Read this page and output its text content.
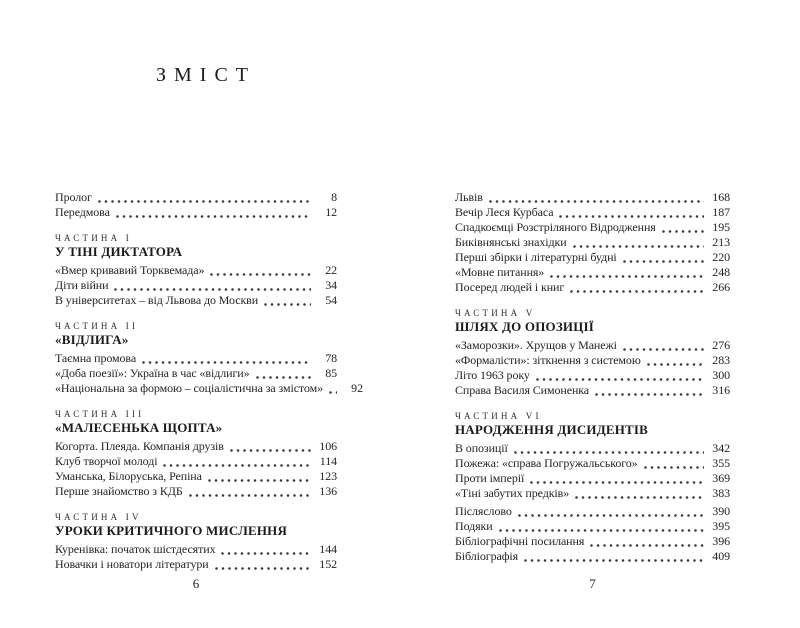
ЗМІСТ
Пролог	8
Передмова	12
ЧАСТИНА I
У ТІНІ ДИКТАТОРА
«Вмер кривавий Торквемада»	22
Діти війни	34
В університетах – від Львова до Москви	54
ЧАСТИНА II
«ВІДЛИГА»
Таємна промова	78
«Доба поезії»: Україна в час «відлиги»	85
«Національна за формою – соціалістична за змістом»	92
ЧАСТИНА III
«МАЛЕСЕНЬКА ЩОПТА»
Когорта. Плеяда. Компанія друзів	106
Клуб творчої молоді	114
Уманська, Білоруська, Репіна	123
Перше знайомство з КДБ	136
ЧАСТИНА IV
УРОКИ КРИТИЧНОГО МИСЛЕННЯ
Куренівка: початок шістдесятих	144
Новачки і новатори літератури	152
Львів	168
Вечір Леся Курбаса	187
Спадкоємці Розстріляного Відродження	195
Биківнянські знахідки	213
Перші збірки і літературні будні	220
«Мовне питання»	248
Посеред людей і книг	266
ЧАСТИНА V
ШЛЯХ ДО ОПОЗИЦІЇ
«Заморозки». Хрущов у Манежі	276
«Формалісти»: зіткнення з системою	283
Літо 1963 року	300
Справа Василя Симоненка	316
ЧАСТИНА VI
НАРОДЖЕННЯ ДИСИДЕНТІВ
В опозиції	342
Пожежа: «справа Погружальського»	355
Проти імперії	369
«Тіні забутих предків»	383
Післяслово	390
Подяки	395
Бібліографічні посилання	396
Бібліографія	409
6	7
